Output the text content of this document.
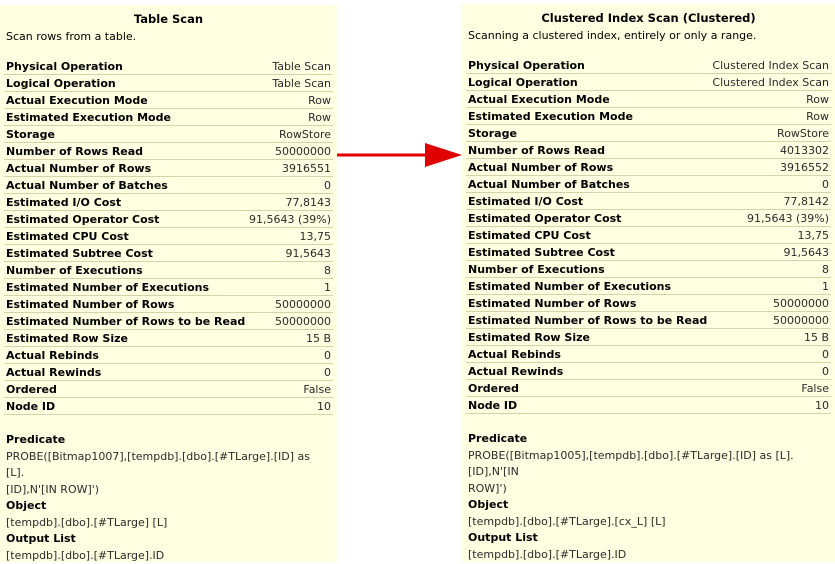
Table Scan
Scan rows from a table.
Physical Operation	Table Scan
Logical Operation	Table Scan
Actual Execution Mode	Row
Estimated Execution Mode	Row
Storage	RowStore
Number of Rows Read	50000000
Actual Number of Rows	3916551
Actual Number of Batches	0
Estimated I/O Cost	77,8143
Estimated Operator Cost	91,5643 (39%)
Estimated CPU Cost	13,75
Estimated Subtree Cost	91,5643
Number of Executions	8
Estimated Number of Executions	1
Estimated Number of Rows	50000000
Estimated Number of Rows to be Read	50000000
Estimated Row Size	15 B
Actual Rebinds	0
Actual Rewinds	0
Ordered	False
Node ID	10
Predicate
PROBE([Bitmap1007],[tempdb].[dbo].[#TLarge].[ID] as [L].
[ID],N'[IN ROW]')
Object
[tempdb].[dbo].[#TLarge] [L]
Output List
[tempdb].[dbo].[#TLarge].ID
Clustered Index Scan (Clustered)
Scanning a clustered index, entirely or only a range.
Physical Operation	Clustered Index Scan
Logical Operation	Clustered Index Scan
Actual Execution Mode	Row
Estimated Execution Mode	Row
Storage	RowStore
Number of Rows Read	4013302
Actual Number of Rows	3916552
Actual Number of Batches	0
Estimated I/O Cost	77,8142
Estimated Operator Cost	91,5643 (39%)
Estimated CPU Cost	13,75
Estimated Subtree Cost	91,5643
Number of Executions	8
Estimated Number of Executions	1
Estimated Number of Rows	50000000
Estimated Number of Rows to be Read	50000000
Estimated Row Size	15 B
Actual Rebinds	0
Actual Rewinds	0
Ordered	False
Node ID	10
Predicate
PROBE([Bitmap1005],[tempdb].[dbo].[#TLarge].[ID] as [L].[ID],N'[IN
ROW]')
Object
[tempdb].[dbo].[#TLarge].[cx_L] [L]
Output List
[tempdb].[dbo].[#TLarge].ID
